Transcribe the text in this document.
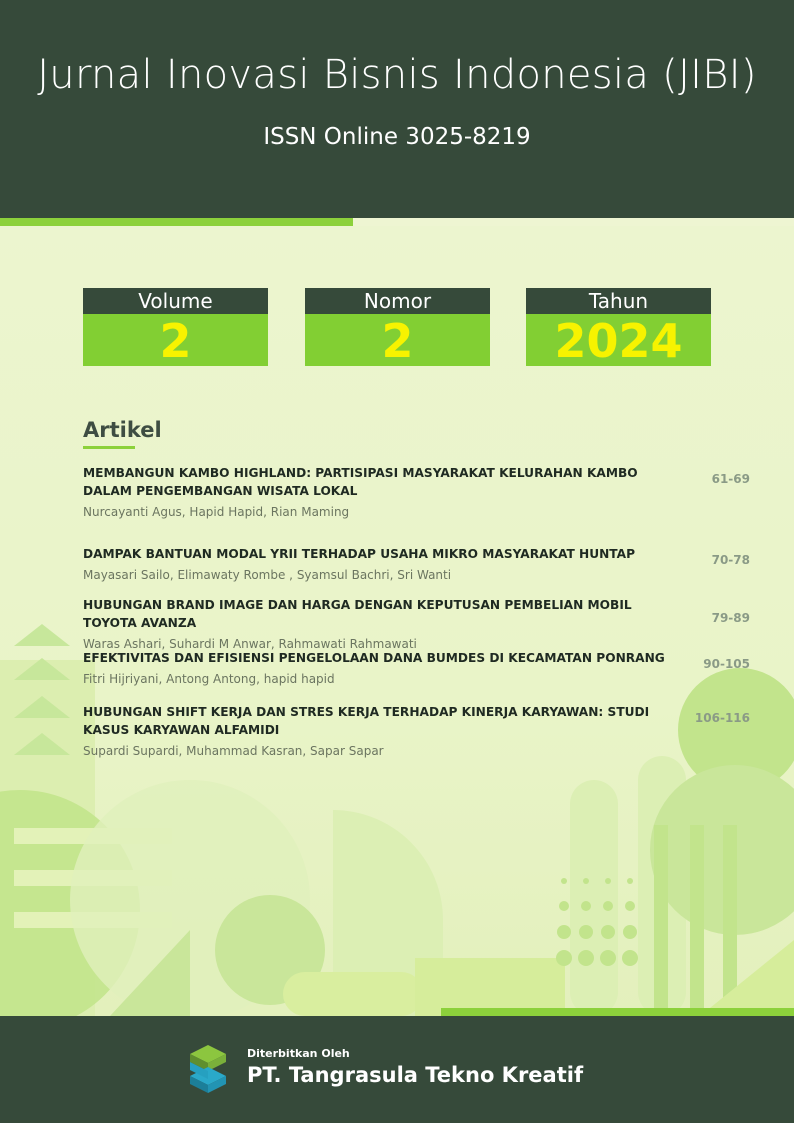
Jurnal Inovasi Bisnis Indonesia (JIBI)
ISSN Online 3025-8219
Volume
2
Nomor
2
Tahun
2024
Artikel
MEMBANGUN KAMBO HIGHLAND: PARTISIPASI MASYARAKAT KELURAHAN KAMBO DALAM PENGEMBANGAN WISATA LOKAL
Nurcayanti Agus, Hapid Hapid, Rian Maming
61-69
DAMPAK BANTUAN MODAL YRII TERHADAP USAHA MIKRO MASYARAKAT HUNTAP
Mayasari Sailo, Elimawaty Rombe , Syamsul Bachri, Sri Wanti
70-78
HUBUNGAN BRAND IMAGE DAN HARGA DENGAN KEPUTUSAN PEMBELIAN MOBIL TOYOTA AVANZA
Waras Ashari, Suhardi M Anwar, Rahmawati Rahmawati
79-89
EFEKTIVITAS DAN EFISIENSI PENGELOLAAN DANA BUMDES DI KECAMATAN PONRANG
Fitri Hijriyani, Antong Antong, hapid hapid
90-105
HUBUNGAN SHIFT KERJA DAN STRES KERJA TERHADAP KINERJA KARYAWAN: STUDI KASUS KARYAWAN ALFAMIDI
Supardi Supardi, Muhammad Kasran, Sapar Sapar
106-116
Diterbitkan Oleh
PT. Tangrasula Tekno Kreatif
